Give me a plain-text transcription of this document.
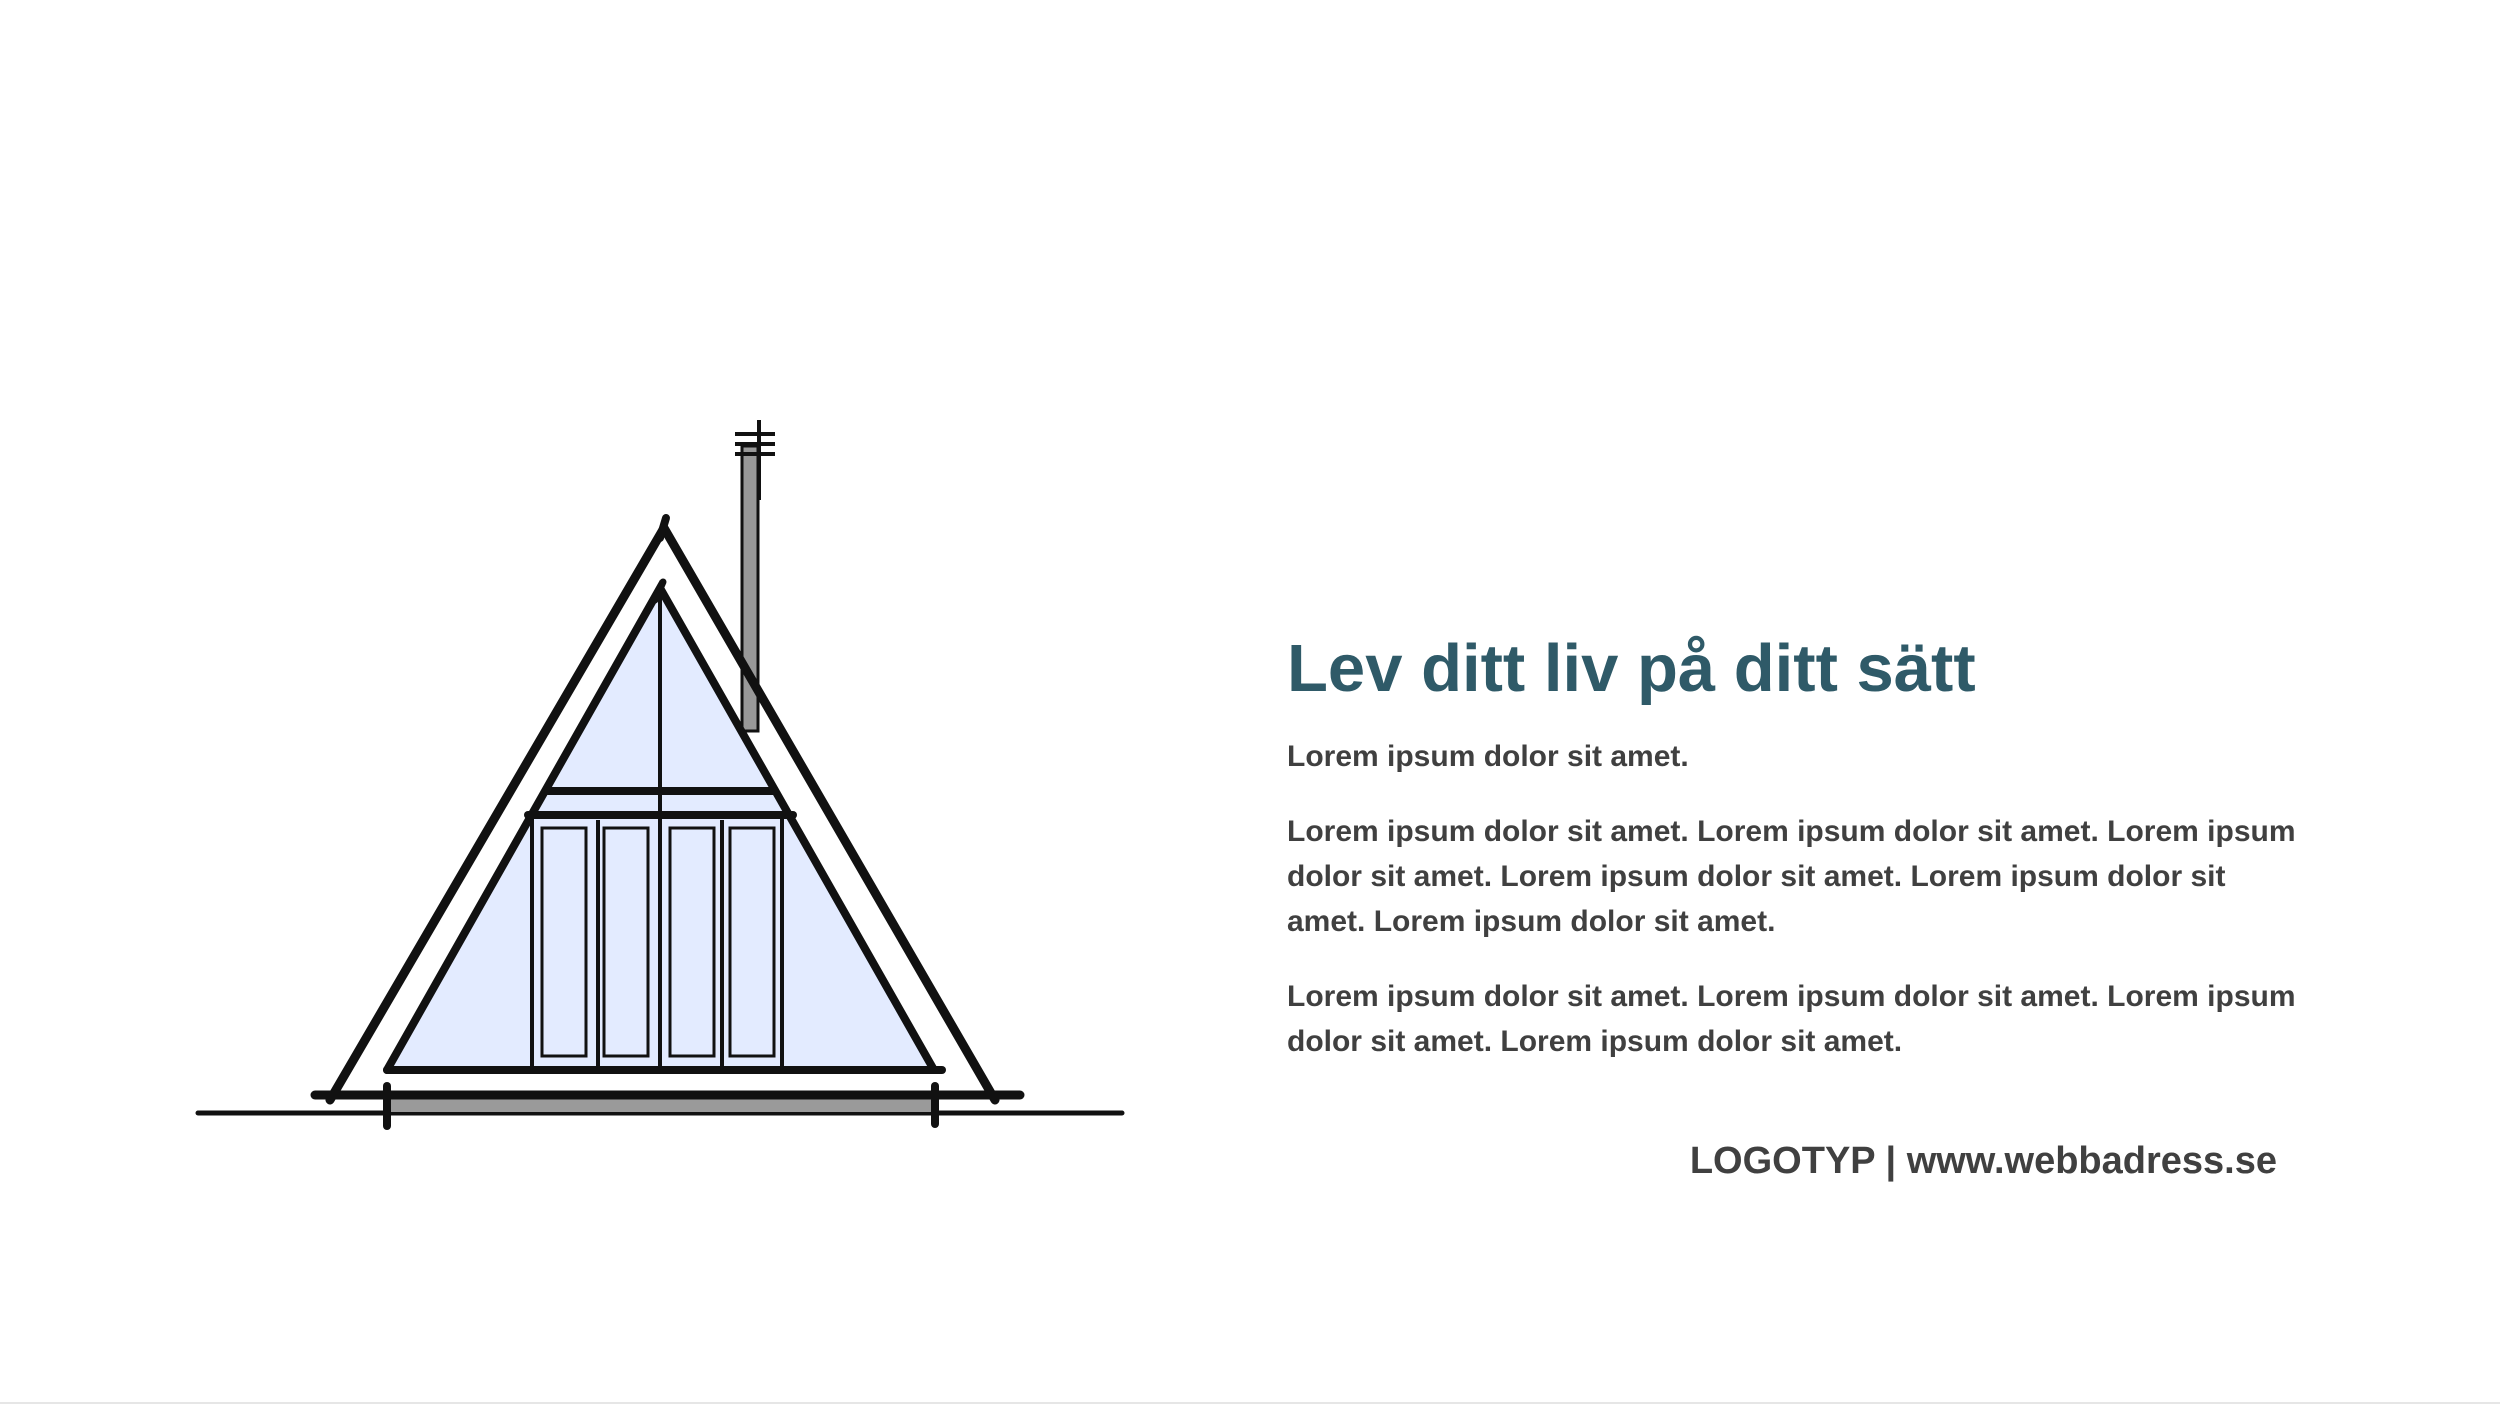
Lev ditt liv på ditt sätt

Lorem ipsum dolor sit amet.

Lorem ipsum dolor sit amet. Lorem ipsum dolor sit amet. Lorem ipsum dolor sit amet. Lorem ipsum dolor sit amet. Lorem ipsum dolor sit amet. Lorem ipsum dolor sit amet.

Lorem ipsum dolor sit amet. Lorem ipsum dolor sit amet. Lorem ipsum dolor sit amet. Lorem ipsum dolor sit amet.

LOGOTYP | www.webbadress.se
